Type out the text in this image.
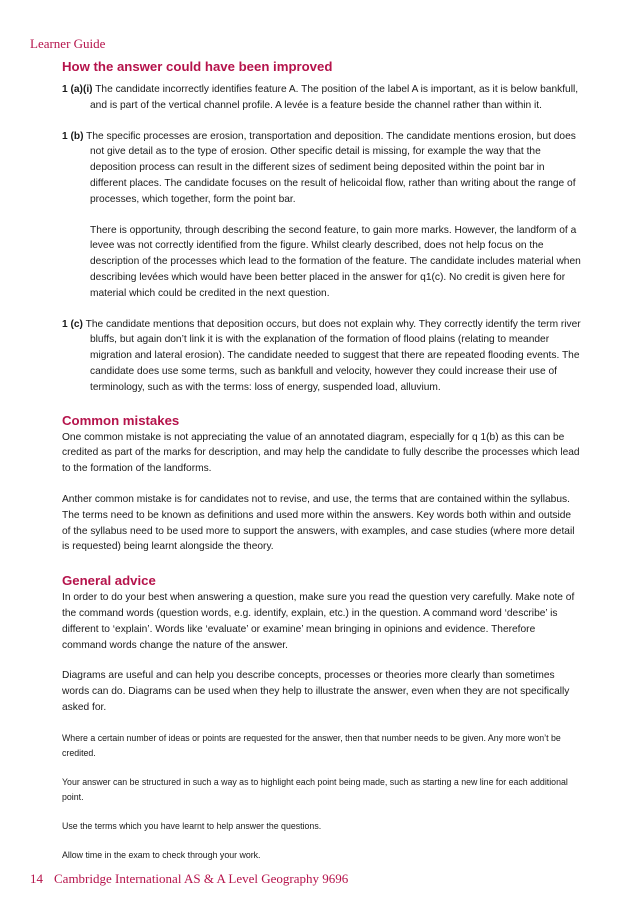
Learner Guide
How the answer could have been improved

1 (a)(i) The candidate incorrectly identifies feature A. The position of the label A is important, as it is below bankfull, and is part of the vertical channel profile. A levée is a feature beside the channel rather than within it.

1 (b) The specific processes are erosion, transportation and deposition. The candidate mentions erosion, but does not give detail as to the type of erosion. Other specific detail is missing, for example the way that the deposition process can result in the different sizes of sediment being deposited within the point bar in different places. The candidate focuses on the result of helicoidal flow, rather than writing about the range of processes, which together, form the point bar.

There is opportunity, through describing the second feature, to gain more marks. However, the landform of a levee was not correctly identified from the figure. Whilst clearly described, does not help focus on the description of the processes which lead to the formation of the feature. The candidate includes material when describing levées which would have been better placed in the answer for q1(c). No credit is given here for material which could be credited in the next question.

1 (c) The candidate mentions that deposition occurs, but does not explain why. They correctly identify the term river bluffs, but again don’t link it is with the explanation of the formation of flood plains (relating to meander migration and lateral erosion). The candidate needed to suggest that there are repeated flooding events. The candidate does use some terms, such as bankfull and velocity, however they could increase their use of terminology, such as with the terms: loss of energy, suspended load, alluvium.

Common mistakes

One common mistake is not appreciating the value of an annotated diagram, especially for q 1(b) as this can be credited as part of the marks for description, and may help the candidate to fully describe the processes which lead to the formation of the landforms.

Anther common mistake is for candidates not to revise, and use, the terms that are contained within the syllabus. The terms need to be known as definitions and used more within the answers. Key words both within and outside of the syllabus need to be used more to support the answers, with examples, and case studies (where more detail is requested) being learnt alongside the theory.

General advice

In order to do your best when answering a question, make sure you read the question very carefully. Make note of the command words (question words, e.g. identify, explain, etc.) in the question. A command word ‘describe’ is different to ‘explain’. Words like ‘evaluate’ or examine’ mean bringing in opinions and evidence. Therefore command words change the nature of the answer.

Diagrams are useful and can help you describe concepts, processes or theories more clearly than sometimes words can do. Diagrams can be used when they help to illustrate the answer, even when they are not specifically asked for.

Where a certain number of ideas or points are requested for the answer, then that number needs to be given. Any more won’t be credited.

Your answer can be structured in such a way as to highlight each point being made, such as starting a new line for each additional point.

Use the terms which you have learnt to help answer the questions.

Allow time in the exam to check through your work.

14 Cambridge International AS & A Level Geography 9696
